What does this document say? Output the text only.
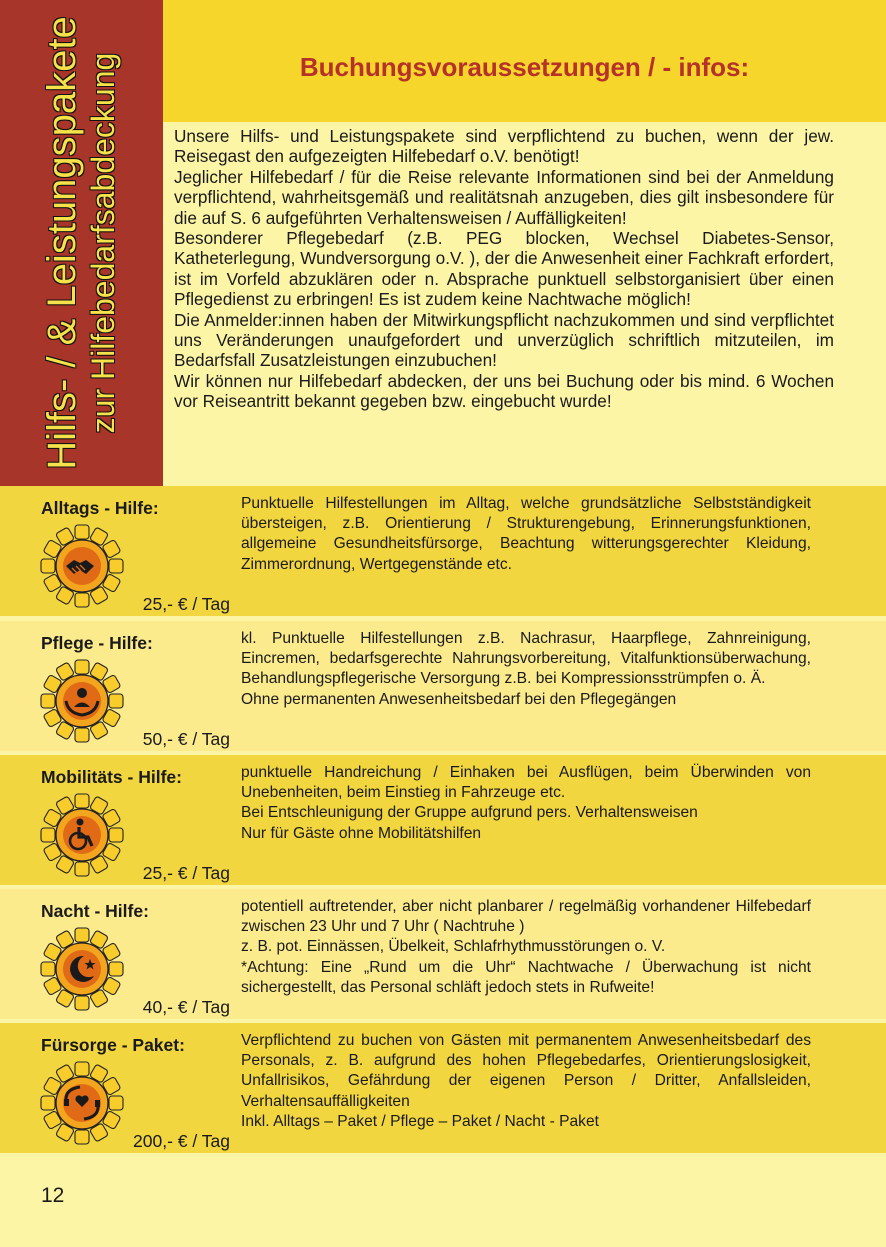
Hilfs- / & Leistungspakete zur Hilfebedarfsabdeckung	Buchungsvoraussetzungen / - infos:

Unsere Hilfs- und Leistungspakete sind verpflichtend zu buchen, wenn der jew. Reisegast den aufgezeigten Hilfebedarf o.V. benötigt!

Jeglicher Hilfebedarf / für die Reise relevante Informationen sind bei der Anmeldung verpflichtend, wahrheitsgemäß und realitätsnah anzugeben, dies gilt insbesondere für die auf S. 6 aufgeführten Verhaltensweisen / Auffälligkeiten!

Besonderer Pflegebedarf (z.B. PEG blocken, Wechsel Diabetes-Sensor, Katheterlegung, Wundversorgung o.V. ), der die Anwesenheit einer Fachkraft erfordert, ist im Vorfeld abzuklären oder n. Absprache punktuell selbstorganisiert über einen Pflegedienst zu erbringen! Es ist zudem keine Nachtwache möglich!

Die Anmelder:innen haben der Mitwirkungspflicht nachzukommen und sind verpflichtet uns Veränderungen unaufgefordert und unverzüglich schriftlich mitzuteilen, im Bedarfsfall Zusatzleistungen einzubuchen!

Wir können nur Hilfebedarf abdecken, der uns bei Buchung oder bis mind. 6 Wochen vor Reiseantritt bekannt gegeben bzw. eingebucht wurde!

Alltags - Hilfe:
25,- € / Tag

Punktuelle Hilfestellungen im Alltag, welche grundsätzliche Selbstständigkeit übersteigen, z.B. Orientierung / Strukturengebung, Erinnerungsfunktionen, allgemeine Gesundheitsfürsorge, Beachtung witterungsgerechter Kleidung, Zimmerordnung, Wertgegenstände etc.

Pflege - Hilfe:
50,- € / Tag

kl. Punktuelle Hilfestellungen z.B. Nachrasur, Haarpflege, Zahnreinigung, Eincremen, bedarfsgerechte Nahrungsvorbereitung, Vitalfunktionsüberwachung, Behandlungspflegerische Versorgung z.B. bei Kompressionsstrümpfen o. Ä.

Ohne permanenten Anwesenheitsbedarf bei den Pflegegängen

Mobilitäts - Hilfe:
25,- € / Tag

punktuelle Handreichung / Einhaken bei Ausflügen, beim Überwinden von Unebenheiten, beim Einstieg in Fahrzeuge etc.

Bei Entschleunigung der Gruppe aufgrund pers. Verhaltensweisen

Nur für Gäste ohne Mobilitätshilfen

Nacht - Hilfe:
40,- € / Tag

potentiell auftretender, aber nicht planbarer / regelmäßig vorhandener Hilfebedarf zwischen 23 Uhr und 7 Uhr ( Nachtruhe )

z. B. pot. Einnässen, Übelkeit, Schlafrhythmusstörungen o. V.

*Achtung: Eine „Rund um die Uhr“ Nachtwache / Überwachung ist nicht sichergestellt, das Personal schläft jedoch stets in Rufweite!

Fürsorge - Paket:
200,- € / Tag

Verpflichtend zu buchen von Gästen mit permanentem Anwesenheitsbedarf des Personals, z. B. aufgrund des hohen Pflegebedarfes, Orientierungslosigkeit, Unfallrisikos, Gefährdung der eigenen Person / Dritter, Anfallsleiden, Verhaltensauffälligkeiten

Inkl. Alltags – Paket / Pflege – Paket / Nacht - Paket

12
